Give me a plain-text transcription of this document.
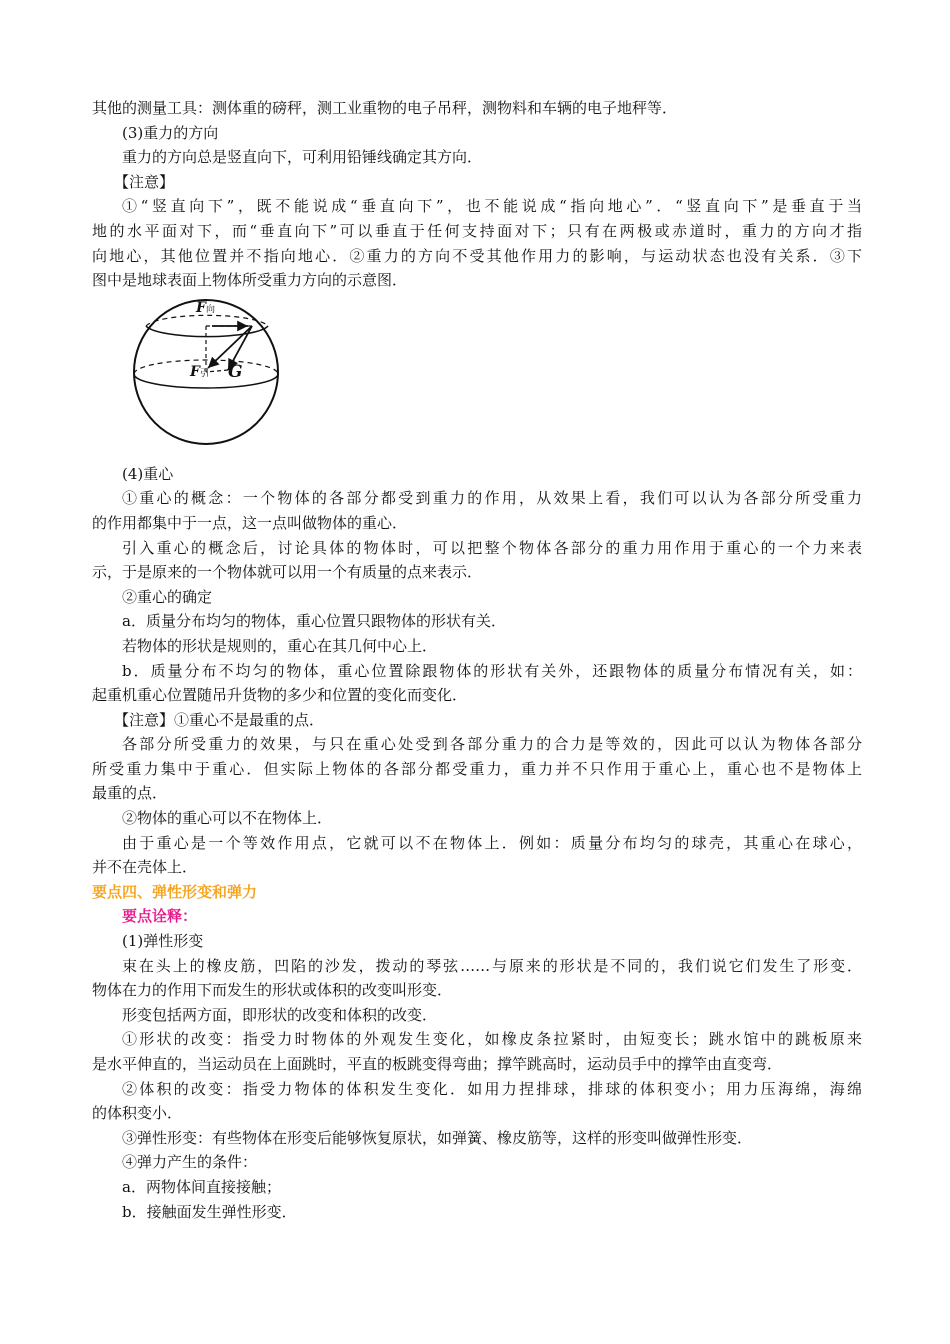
其他的测量工具：测体重的磅秤，测工业重物的电子吊秤，测物料和车辆的电子地秤等．
(3)重力的方向
重力的方向总是竖直向下，可利用铅锤线确定其方向．
【注意】
①“竖直向下”，既不能说成“垂直向下”，也不能说成“指向地心”．“竖直向下”是垂直于当
地的水平面对下，而“垂直向下”可以垂直于任何支持面对下；只有在两极或赤道时，重力的方向才指
向地心，其他位置并不指向地心．②重力的方向不受其他作用力的影响，与运动状态也没有关系．③下
图中是地球表面上物体所受重力方向的示意图．
F向
F引 G
(4)重心
①重心的概念：一个物体的各部分都受到重力的作用，从效果上看，我们可以认为各部分所受重力
的作用都集中于一点，这一点叫做物体的重心．
引入重心的概念后，讨论具体的物体时，可以把整个物体各部分的重力用作用于重心的一个力来表
示，于是原来的一个物体就可以用一个有质量的点来表示．
②重心的确定
a．质量分布均匀的物体，重心位置只跟物体的形状有关．
若物体的形状是规则的，重心在其几何中心上．
b．质量分布不均匀的物体，重心位置除跟物体的形状有关外，还跟物体的质量分布情况有关，如：
起重机重心位置随吊升货物的多少和位置的变化而变化．
【注意】①重心不是最重的点．
各部分所受重力的效果，与只在重心处受到各部分重力的合力是等效的，因此可以认为物体各部分
所受重力集中于重心．但实际上物体的各部分都受重力，重力并不只作用于重心上，重心也不是物体上
最重的点．
②物体的重心可以不在物体上．
由于重心是一个等效作用点，它就可以不在物体上．例如：质量分布均匀的球壳，其重心在球心，
并不在壳体上．
要点四、弹性形变和弹力
要点诠释：
(1)弹性形变
束在头上的橡皮筋，凹陷的沙发，拨动的琴弦……与原来的形状是不同的，我们说它们发生了形变．
物体在力的作用下而发生的形状或体积的改变叫形变．
形变包括两方面，即形状的改变和体积的改变．
①形状的改变：指受力时物体的外观发生变化，如橡皮条拉紧时，由短变长；跳水馆中的跳板原来
是水平伸直的，当运动员在上面跳时，平直的板跳变得弯曲；撑竿跳高时，运动员手中的撑竿由直变弯．
②体积的改变：指受力物体的体积发生变化．如用力捏排球，排球的体积变小；用力压海绵，海绵
的体积变小．
③弹性形变：有些物体在形变后能够恢复原状，如弹簧、橡皮筋等，这样的形变叫做弹性形变．
④弹力产生的条件：
a．两物体间直接接触；
b．接触面发生弹性形变．
